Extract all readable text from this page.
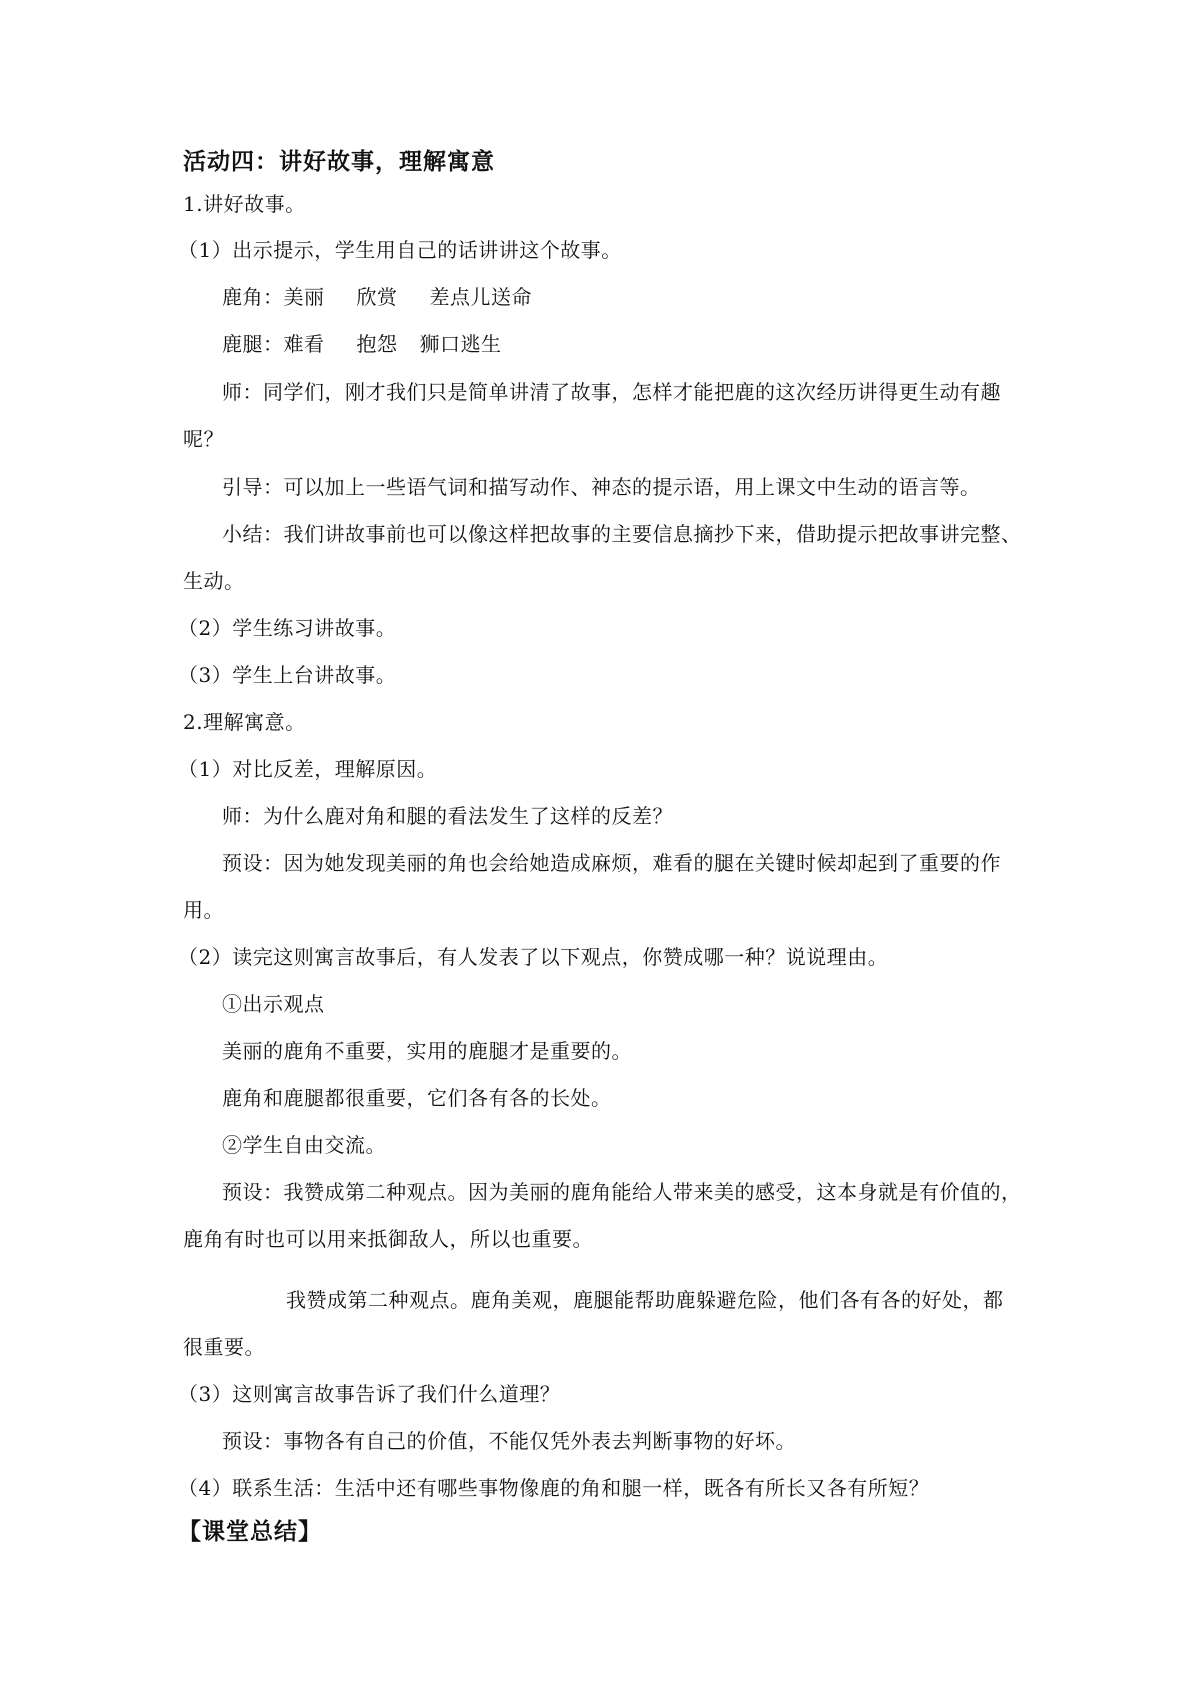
活动四：讲好故事，理解寓意
1.讲好故事。
（1）出示提示，学生用自己的话讲讲这个故事。
鹿角：美丽 欣赏 差点儿送命
鹿腿：难看 抱怨 狮口逃生
师：同学们，刚才我们只是简单讲清了故事，怎样才能把鹿的这次经历讲得更生动有趣
呢？
引导：可以加上一些语气词和描写动作、神态的提示语，用上课文中生动的语言等。
小结：我们讲故事前也可以像这样把故事的主要信息摘抄下来，借助提示把故事讲完整、
生动。
（2）学生练习讲故事。
（3）学生上台讲故事。
2.理解寓意。
（1）对比反差，理解原因。
师：为什么鹿对角和腿的看法发生了这样的反差？
预设：因为她发现美丽的角也会给她造成麻烦，难看的腿在关键时候却起到了重要的作
用。
（2）读完这则寓言故事后，有人发表了以下观点，你赞成哪一种？说说理由。
①出示观点
美丽的鹿角不重要，实用的鹿腿才是重要的。
鹿角和鹿腿都很重要，它们各有各的长处。
②学生自由交流。
预设：我赞成第二种观点。因为美丽的鹿角能给人带来美的感受，这本身就是有价值的，
鹿角有时也可以用来抵御敌人，所以也重要。
我赞成第二种观点。鹿角美观，鹿腿能帮助鹿躲避危险，他们各有各的好处，都
很重要。
（3）这则寓言故事告诉了我们什么道理？
预设：事物各有自己的价值，不能仅凭外表去判断事物的好坏。
（4）联系生活：生活中还有哪些事物像鹿的角和腿一样，既各有所长又各有所短？
【课堂总结】
